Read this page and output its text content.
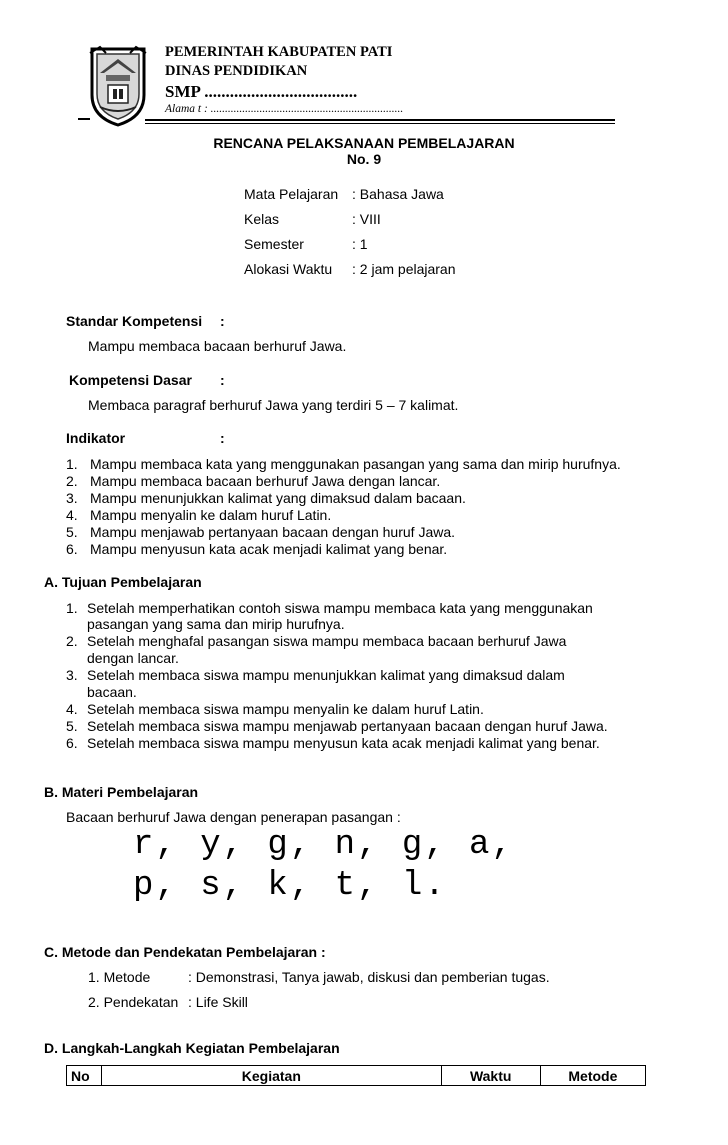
PEMERINTAH KABUPATEN PATI
DINAS PENDIDIKAN
SMP ....................................
Alama t : ...................................................................
RENCANA PELAKSANAAN PEMBELAJARAN
No. 9
Mata Pelajaran : Bahasa Jawa
Kelas	: VIII
Semester	: 1
Alokasi Waktu : 2 jam pelajaran
Standar Kompetensi :
Mampu membaca bacaan berhuruf Jawa.
Kompetensi Dasar :
Membaca paragraf berhuruf Jawa yang terdiri 5 – 7 kalimat.
Indikator	:
1. Mampu membaca kata yang menggunakan pasangan yang sama dan mirip hurufnya.
2. Mampu membaca bacaan berhuruf Jawa dengan lancar.
3. Mampu menunjukkan kalimat yang dimaksud dalam bacaan.
4. Mampu menyalin ke dalam huruf Latin.
5. Mampu menjawab pertanyaan bacaan dengan huruf Jawa.
6. Mampu menyusun kata acak menjadi kalimat yang benar.
A. Tujuan Pembelajaran
1. Setelah memperhatikan contoh siswa mampu membaca kata yang menggunakan
pasangan yang sama dan mirip hurufnya.
2. Setelah menghafal pasangan siswa mampu membaca bacaan berhuruf Jawa
dengan lancar.
3. Setelah membaca siswa mampu menunjukkan kalimat yang dimaksud dalam
bacaan.
4. Setelah membaca siswa mampu menyalin ke dalam huruf Latin.
5. Setelah membaca siswa mampu menjawab pertanyaan bacaan dengan huruf Jawa.
6. Setelah membaca siswa mampu menyusun kata acak menjadi kalimat yang benar.
B. Materi Pembelajaran
Bacaan berhuruf Jawa dengan penerapan pasangan :
r, y, g, n, g, a,
p, s, k, t, l.
C. Metode dan Pendekatan Pembelajaran :
1. Metode	: Demonstrasi, Tanya jawab, diskusi dan pemberian tugas.
2. Pendekatan : Life Skill
D. Langkah-Langkah Kegiatan Pembelajaran
No	Kegiatan	Waktu	Metode
